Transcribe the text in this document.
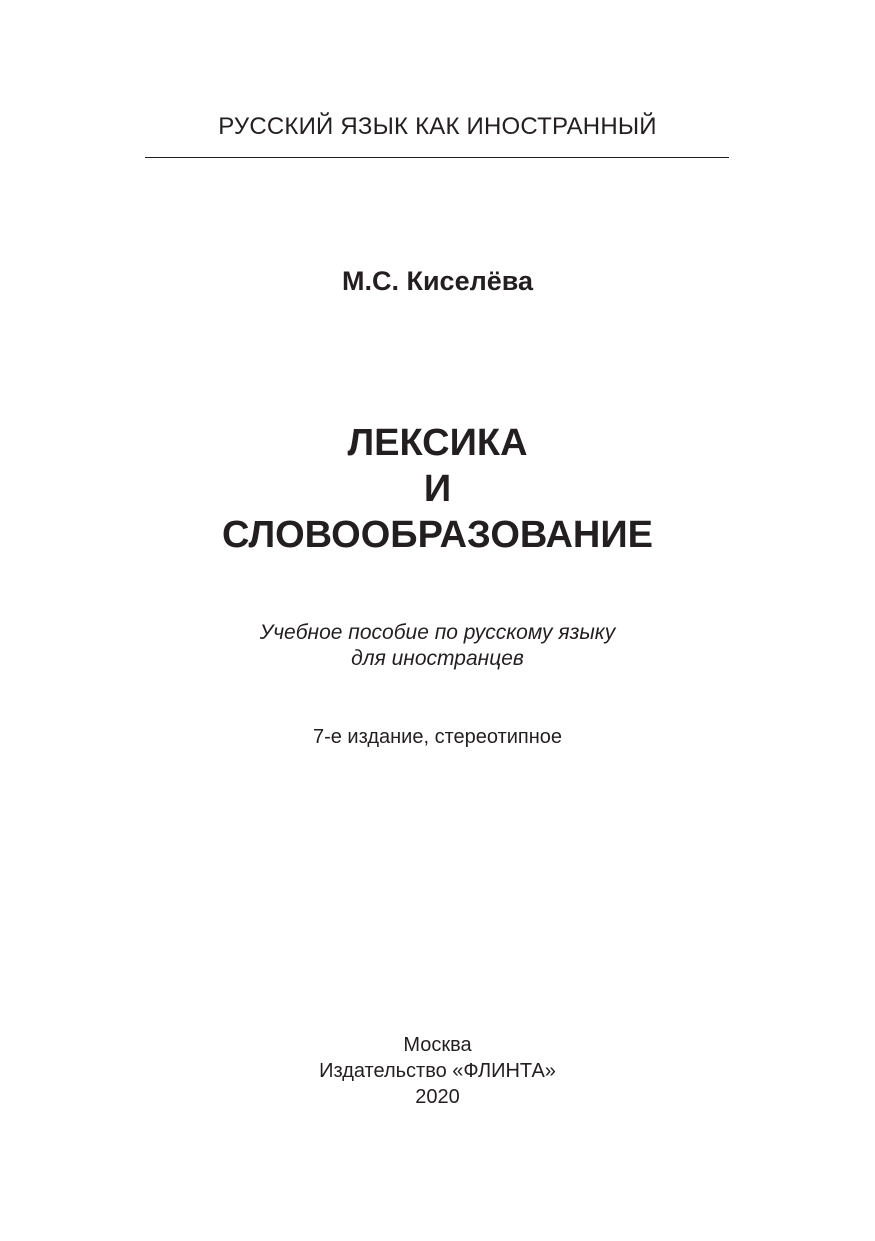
РУССКИЙ ЯЗЫК КАК ИНОСТРАННЫЙ
М.С. Киселёва
ЛЕКСИКА
И
СЛОВООБРАЗОВАНИЕ
Учебное пособие по русскому языку
для иностранцев
7-е издание, стереотипное
Москва
Издательство «ФЛИНТА»
2020
